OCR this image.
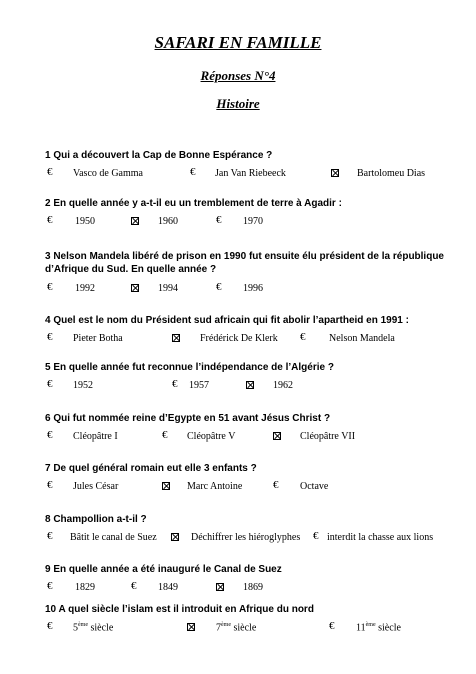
SAFARI EN FAMILLE
Réponses N°4
Histoire
1 Qui a découvert la Cap de Bonne Espérance ?
€ Vasco de Gamma	€ Jan Van Riebeeck	Bartolomeu Dias
2 En quelle année y a-t-il eu un tremblement de terre à Agadir :
€ 1950	1960	€ 1970
3 Nelson Mandela libéré de prison en 1990 fut ensuite élu président de la république d’Afrique du Sud. En quelle année ?
€ 1992	1994	€ 1996
4 Quel est le nom du Président sud africain qui fit abolir l’apartheid en 1991 :
€ Pieter Botha	Frédérick De Klerk € Nelson Mandela
5 En quelle année fut reconnue l’indépendance de l’Algérie ?
€ 1952	€ 1957	1962
6 Qui fut nommée reine d’Egypte en 51 avant Jésus Christ ?
€ Cléopâtre I	€ Cléopâtre V	Cléopâtre VII
7 De quel général romain eut elle 3 enfants ?
€ Jules César	Marc Antoine	€ Octave
8 Champollion a-t-il ?
€ Bâtit le canal de Suez	Déchiffrer les hiéroglyphes € interdit la chasse aux lions
9 En quelle année a été inauguré le Canal de Suez
€ 1829	€ 1849	1869
10 A quel siècle l’islam est il introduit en Afrique du nord
€ 5ème siècle	7ème siècle	€ 11ème siècle
